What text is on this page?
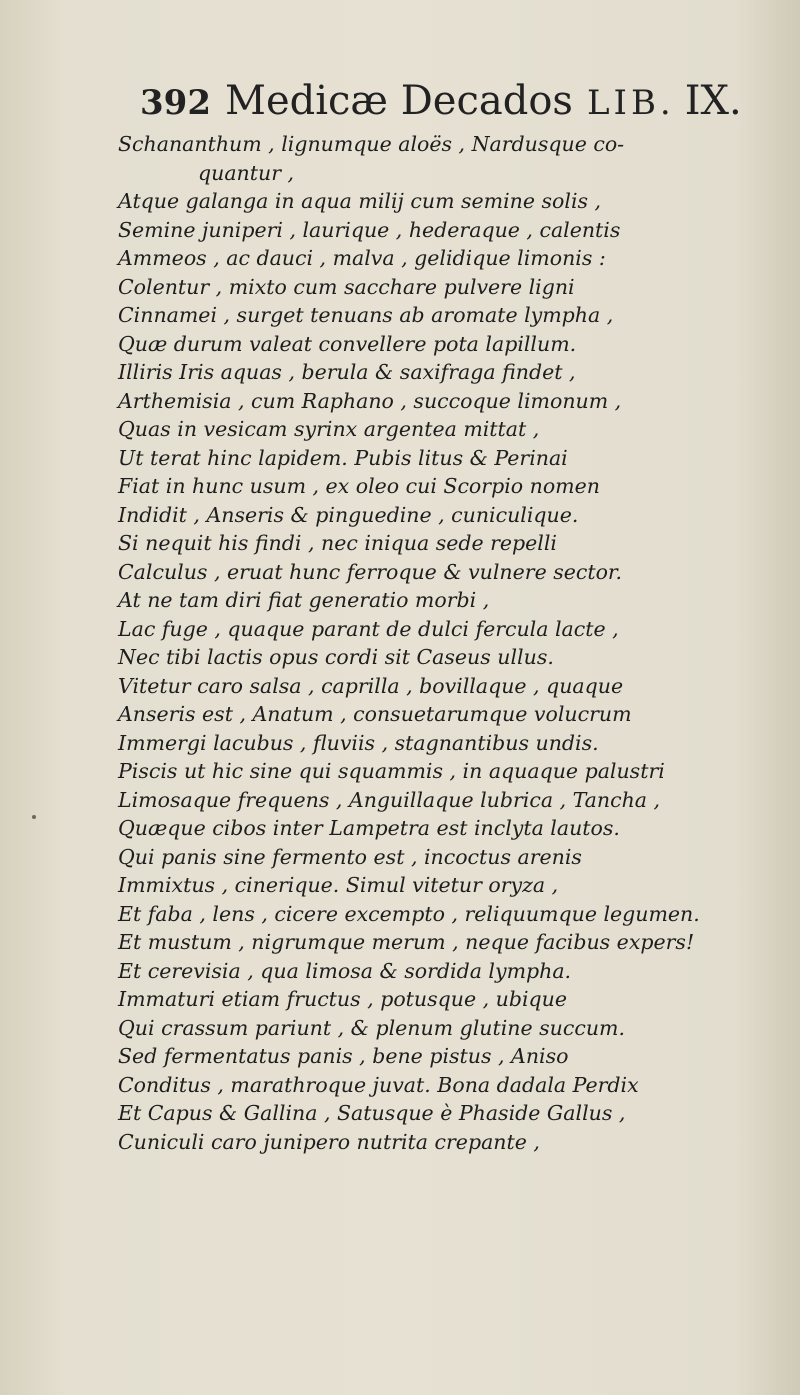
392 Medicæ Decados LIB. IX.
Schananthum , lignumque aloës , Nardusque co-
quantur ,
Atque galanga in aqua milij cum semine solis ,
Semine juniperi , laurique , hederaque , calentis
Ammeos , ac dauci , malva , gelidique limonis :
Colentur , mixto cum sacchare pulvere ligni
Cinnamei , surget tenuans ab aromate lympha ,
Quæ durum valeat convellere pota lapillum.
Illiris Iris aquas , berula & saxifraga findet ,
Arthemisia , cum Raphano , succoque limonum ,
Quas in vesicam syrinx argentea mittat ,
Ut terat hinc lapidem. Pubis litus & Perinai
Fiat in hunc usum , ex oleo cui Scorpio nomen
Indidit , Anseris & pinguedine , cuniculique.
Si nequit his findi , nec iniqua sede repelli
Calculus , eruat hunc ferroque & vulnere sector.
At ne tam diri fiat generatio morbi ,
Lac fuge , quaque parant de dulci fercula lacte ,
Nec tibi lactis opus cordi sit Caseus ullus.
Vitetur caro salsa , caprilla , bovillaque , quaque
Anseris est , Anatum , consuetarumque volucrum
Immergi lacubus , fluviis , stagnantibus undis.
Piscis ut hic sine qui squammis , in aquaque palustri
Limosaque frequens , Anguillaque lubrica , Tancha ,
Quæque cibos inter Lampetra est inclyta lautos.
Qui panis sine fermento est , incoctus arenis
Immixtus , cinerique. Simul vitetur oryza ,
Et faba , lens , cicere excempto , reliquumque legumen.
Et mustum , nigrumque merum , neque facibus expers!
Et cerevisia , qua limosa & sordida lympha.
Immaturi etiam fructus , potusque , ubique
Qui crassum pariunt , & plenum glutine succum.
Sed fermentatus panis , bene pistus , Aniso
Conditus , marathroque juvat. Bona dadala Perdix
Et Capus & Gallina , Satusque è Phaside Gallus ,
Cuniculi caro junipero nutrita crepante ,
